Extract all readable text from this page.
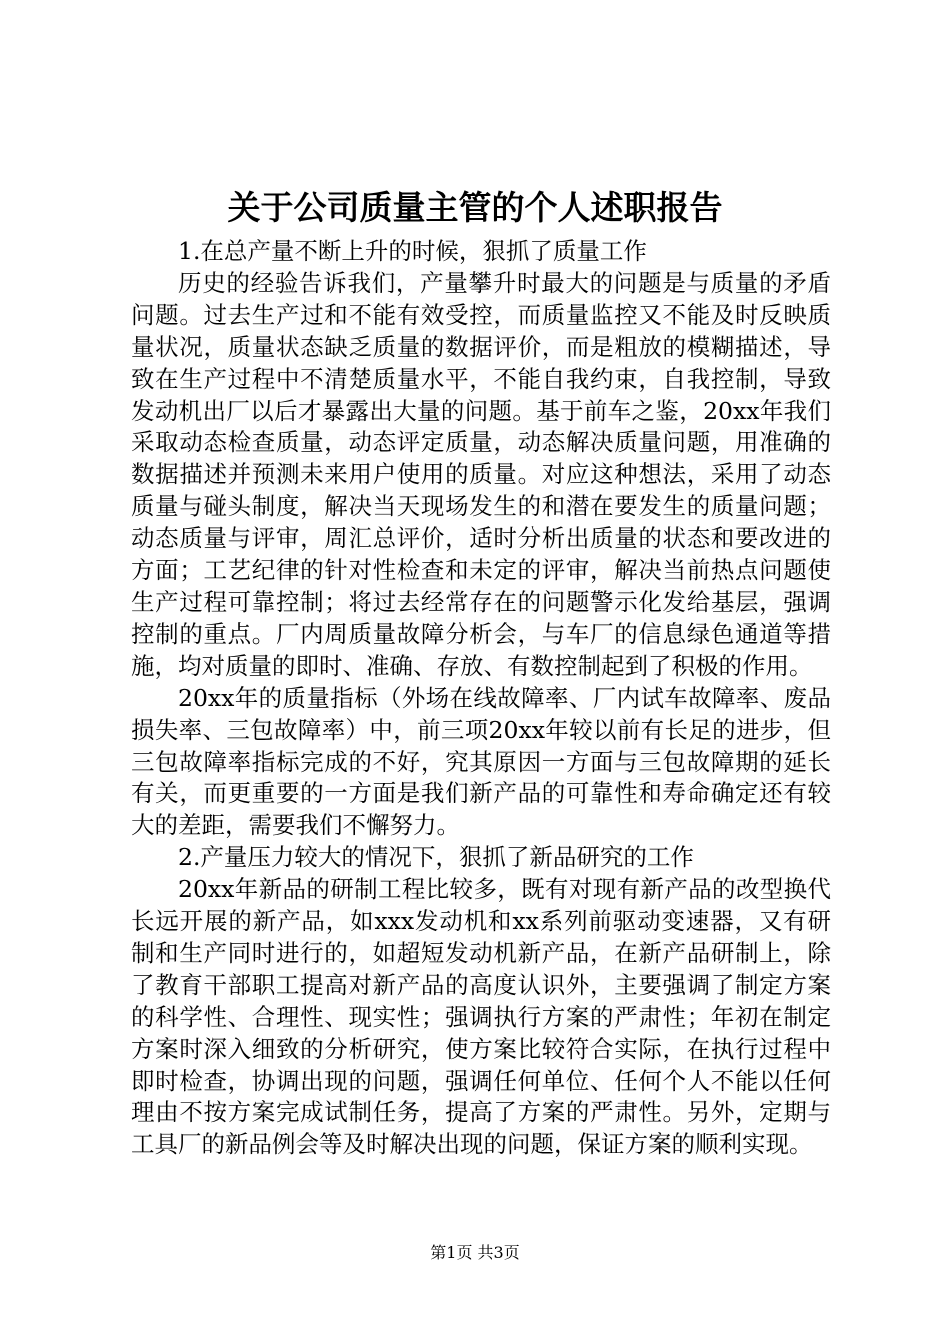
关于公司质量主管的个人述职报告

1.在总产量不断上升的时候，狠抓了质量工作

历史的经验告诉我们，产量攀升时最大的问题是与质量的矛盾问题。过去生产过和不能有效受控，而质量监控又不能及时反映质量状况，质量状态缺乏质量的数据评价，而是粗放的模糊描述，导致在生产过程中不清楚质量水平，不能自我约束，自我控制，导致发动机出厂以后才暴露出大量的问题。基于前车之鉴，20xx年我们采取动态检查质量，动态评定质量，动态解决质量问题，用准确的数据描述并预测未来用户使用的质量。对应这种想法，采用了动态质量与碰头制度，解决当天现场发生的和潜在要发生的质量问题；动态质量与评审，周汇总评价，适时分析出质量的状态和要改进的方面；工艺纪律的针对性检查和未定的评审，解决当前热点问题使生产过程可靠控制；将过去经常存在的问题警示化发给基层，强调控制的重点。厂内周质量故障分析会，与车厂的信息绿色通道等措施，均对质量的即时、准确、存放、有数控制起到了积极的作用。

20xx年的质量指标（外场在线故障率、厂内试车故障率、废品损失率、三包故障率）中，前三项20xx年较以前有长足的进步，但三包故障率指标完成的不好，究其原因一方面与三包故障期的延长有关，而更重要的一方面是我们新产品的可靠性和寿命确定还有较大的差距，需要我们不懈努力。

2.产量压力较大的情况下，狠抓了新品研究的工作

20xx年新品的研制工程比较多，既有对现有新产品的改型换代长远开展的新产品，如xxx发动机和xx系列前驱动变速器，又有研制和生产同时进行的，如超短发动机新产品，在新产品研制上，除了教育干部职工提高对新产品的高度认识外，主要强调了制定方案的科学性、合理性、现实性；强调执行方案的严肃性；年初在制定方案时深入细致的分析研究，使方案比较符合实际，在执行过程中即时检查，协调出现的问题，强调任何单位、任何个人不能以任何理由不按方案完成试制任务，提高了方案的严肃性。另外，定期与工具厂的新品例会等及时解决出现的问题，保证方案的顺利实现。

第1页 共3页
